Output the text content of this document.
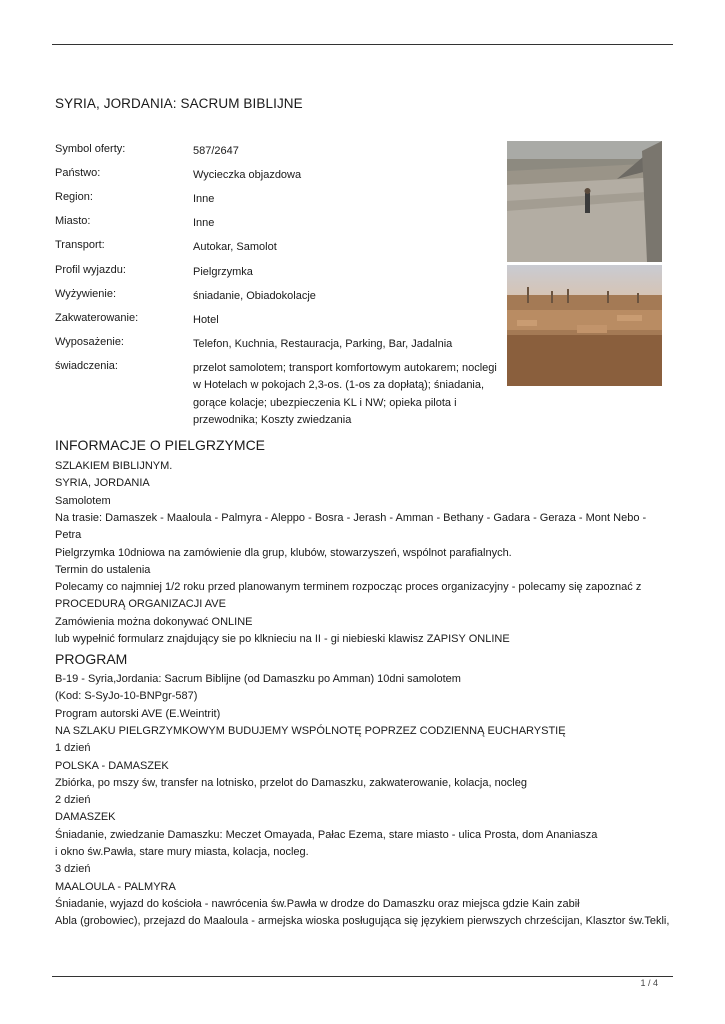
SYRIA, JORDANIA: SACRUM BIBLIJNE
Symbol oferty:	587/2647
Państwo:	Wycieczka objazdowa
Region:	Inne
Miasto:	Inne
Transport:	Autokar, Samolot
Profil wyjazdu:	Pielgrzymka
Wyżywienie:	śniadanie, Obiadokolacje
Zakwaterowanie:	Hotel
Wyposażenie:	Telefon, Kuchnia, Restauracja, Parking, Bar, Jadalnia
świadczenia:	przelot samolotem; transport komfortowym autokarem; noclegi w Hotelach w pokojach 2,3-os. (1-os za dopłatą); śniadania, gorące kolacje; ubezpieczenia KL i NW; opieka pilota i przewodnika; Koszty zwiedzania
INFORMACJE O PIELGRZYMCE
SZLAKIEM BIBLIJNYM.
SYRIA, JORDANIA
Samolotem
Na trasie: Damaszek - Maaloula - Palmyra - Aleppo - Bosra - Jerash - Amman - Bethany - Gadara - Geraza - Mont Nebo -
Petra
Pielgrzymka 10dniowa na zamówienie dla grup, klubów, stowarzyszeń, wspólnot parafialnych.
Termin do ustalenia
Polecamy co najmniej 1/2 roku przed planowanym terminem rozpocząc proces organizacyjny - polecamy się zapoznać z
PROCEDURĄ ORGANIZACJI AVE
Zamówienia można dokonywać ONLINE
lub wypełnić formularz znajdujący sie po klknieciu na II - gi niebieski klawisz ZAPISY ONLINE
PROGRAM
B-19 - Syria,Jordania: Sacrum Biblijne (od Damaszku po Amman) 10dni samolotem
(Kod: S-SyJo-10-BNPgr-587)
Program autorski AVE (E.Weintrit)
NA SZLAKU PIELGRZYMKOWYM BUDUJEMY WSPÓLNOTĘ POPRZEZ CODZIENNĄ EUCHARYSTIĘ
1 dzień
POLSKA - DAMASZEK
Zbiórka, po mszy św, transfer na lotnisko, przelot do Damaszku, zakwaterowanie, kolacja, nocleg
2 dzień
DAMASZEK
Śniadanie, zwiedzanie Damaszku: Meczet Omayada, Pałac Ezema, stare miasto - ulica Prosta, dom Ananiasza
i okno św.Pawła, stare mury miasta, kolacja, nocleg.
3 dzień
MAALOULA - PALMYRA
Śniadanie, wyjazd do kościoła - nawrócenia św.Pawła w drodze do Damaszku oraz miejsca gdzie Kain zabił
Abla (grobowiec), przejazd do Maaloula - armejska wioska posługująca się językiem pierwszych chrześcijan, Klasztor św.Tekli,
1 / 4
